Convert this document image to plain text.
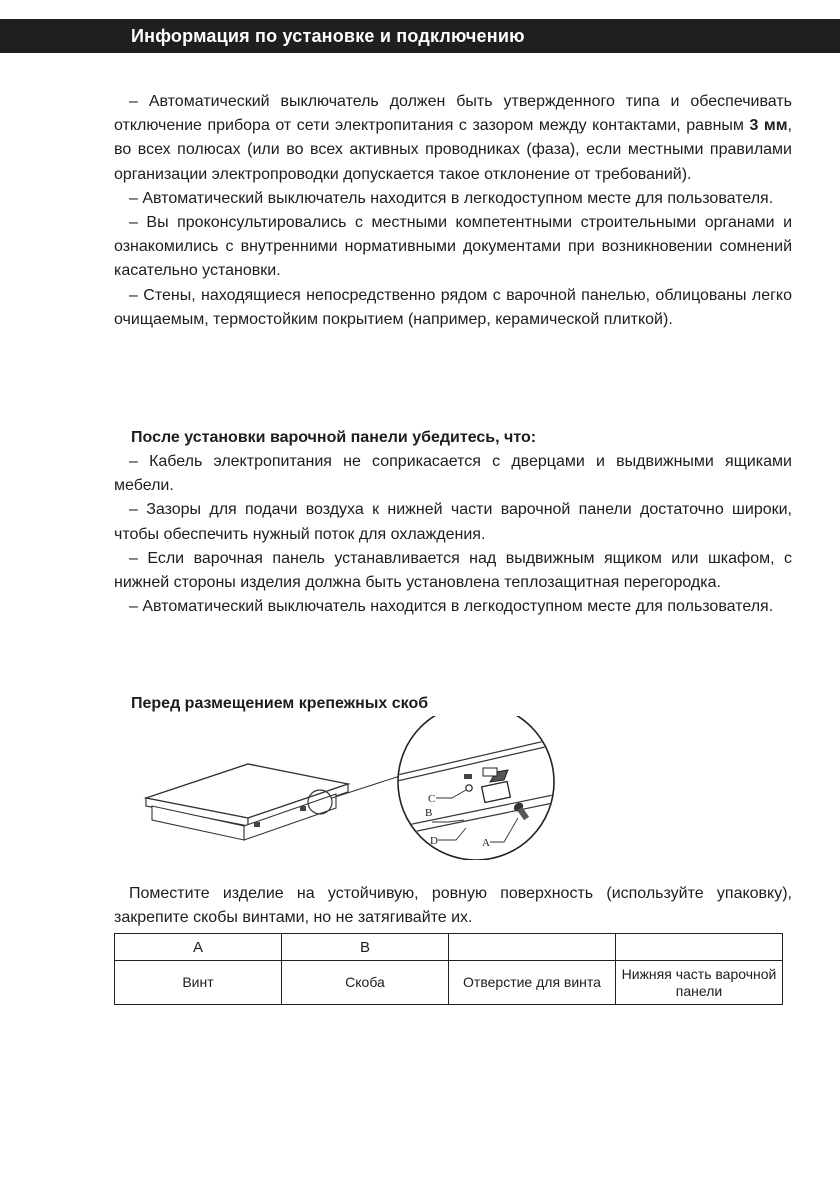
Информация по установке и подключению

– Автоматический выключатель должен быть утвержденного типа и обеспечивать отключение прибора от сети электропитания с зазором между контактами, равным 3 мм, во всех полюсах (или во всех активных проводниках (фаза), если местными правилами организации электропроводки допускается такое отклонение от требований).

– Автоматический выключатель находится в легкодоступном месте для пользователя.

– Вы проконсультировались с местными компетентными строительными органами и ознакомились с внутренними нормативными документами при возникновении сомнений касательно установки.

– Стены, находящиеся непосредственно рядом с варочной панелью, облицованы легко очищаемым, термостойким покрытием (например, керамической плиткой).

После установки варочной панели убедитесь, что:

– Кабель электропитания не соприкасается с дверцами и выдвижными ящиками мебели.

– Зазоры для подачи воздуха к нижней части варочной панели достаточно широки, чтобы обеспечить нужный поток для охлаждения.

– Если варочная панель устанавливается над выдвижным ящиком или шкафом, с нижней стороны изделия должна быть установлена теплозащитная перегородка.

– Автоматический выключатель находится в легкодоступном месте для пользователя.

Перед размещением крепежных скоб
C
B
D	A

Поместите изделие на устойчивую, ровную поверхность (используйте упаковку), закрепите скобы винтами, но не затягивайте их.

A	B		
Винт	Скоба	Отверстие для винта	Нижняя часть варочной панели
